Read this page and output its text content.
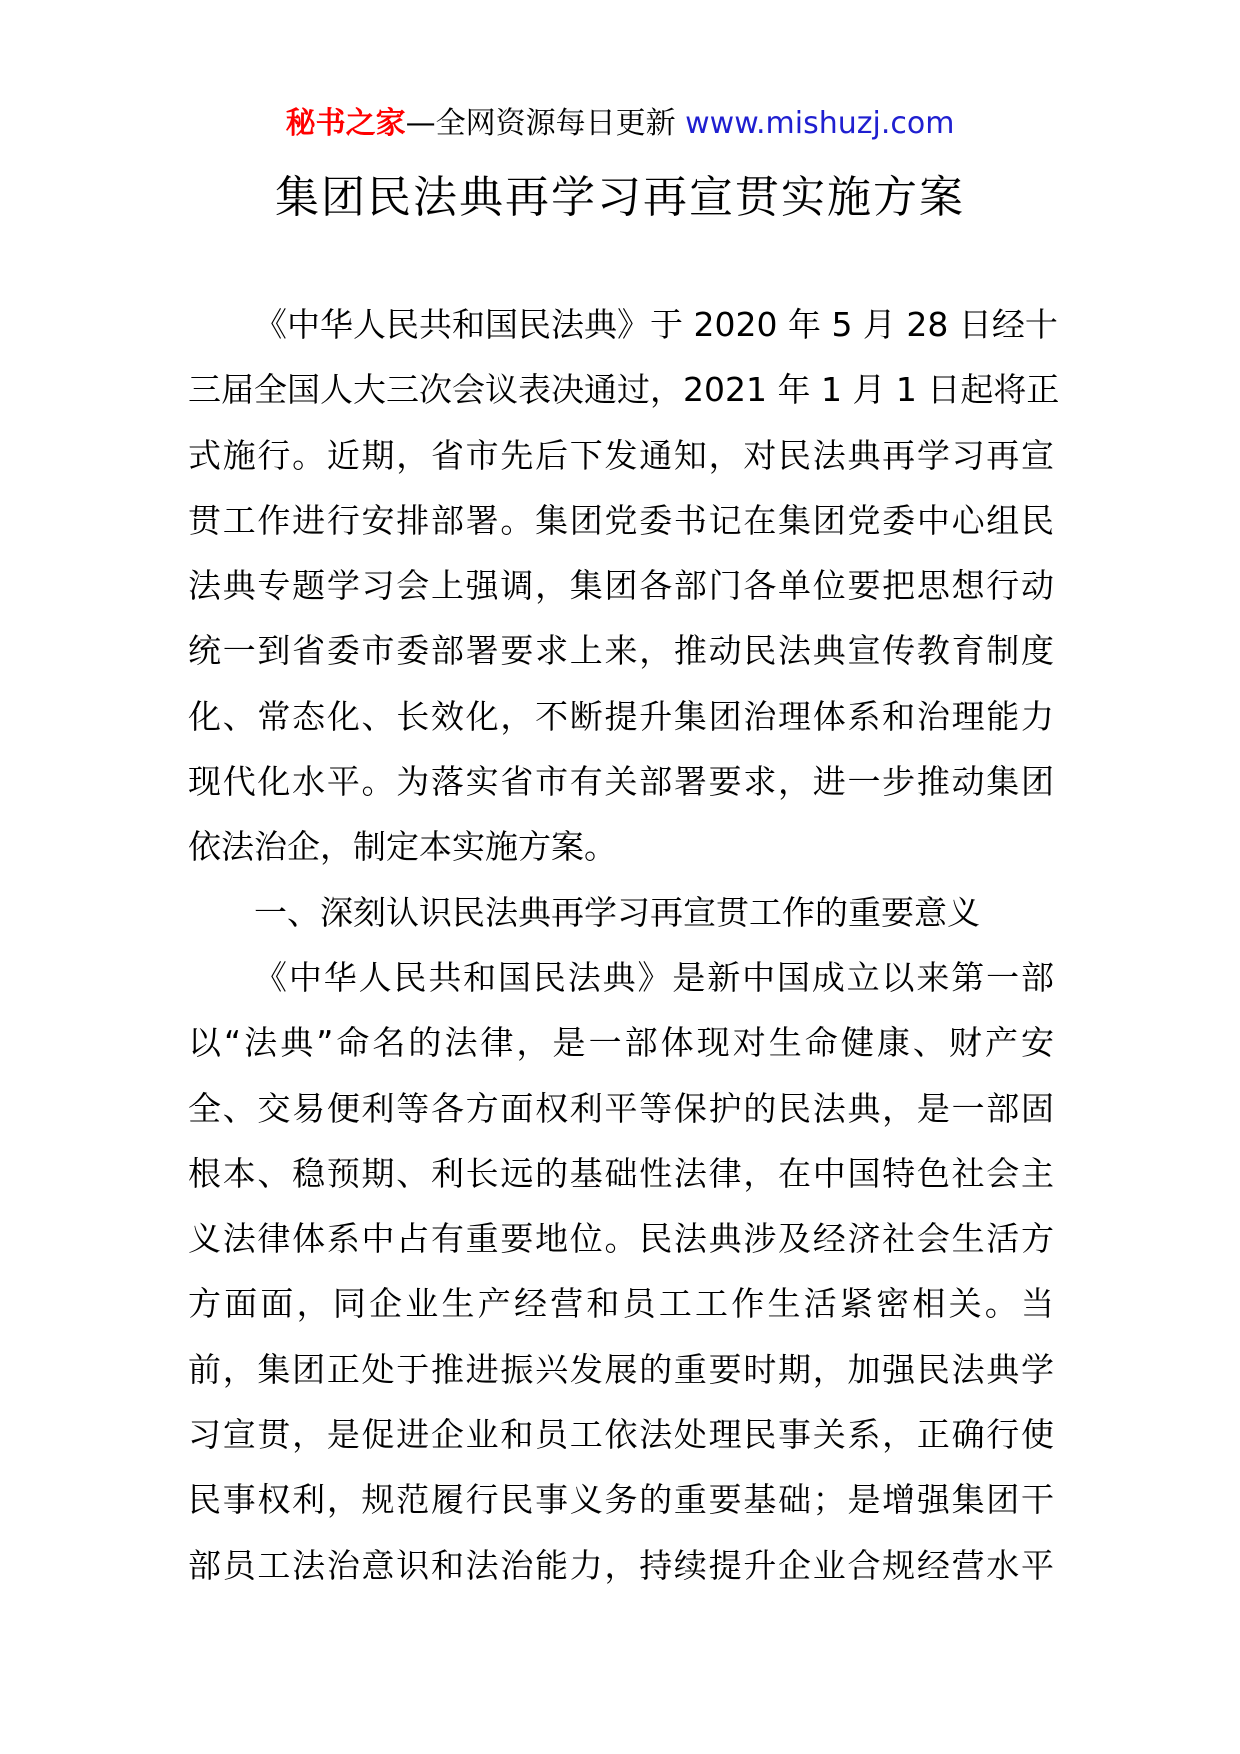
秘书之家—全网资源每日更新 www.mishuzj.com
集团民法典再学习再宣贯实施方案
《中华人民共和国民法典》于 2020 年 5 月 28 日经十
三届全国人大三次会议表决通过，2021 年 1 月 1 日起将正
式施行。近期，省市先后下发通知，对民法典再学习再宣
贯工作进行安排部署。集团党委书记在集团党委中心组民
法典专题学习会上强调，集团各部门各单位要把思想行动
统一到省委市委部署要求上来，推动民法典宣传教育制度
化、常态化、长效化，不断提升集团治理体系和治理能力
现代化水平。为落实省市有关部署要求，进一步推动集团
依法治企，制定本实施方案。
一、深刻认识民法典再学习再宣贯工作的重要意义
《中华人民共和国民法典》是新中国成立以来第一部
以“法典”命名的法律，是一部体现对生命健康、财产安
全、交易便利等各方面权利平等保护的民法典，是一部固
根本、稳预期、利长远的基础性法律，在中国特色社会主
义法律体系中占有重要地位。民法典涉及经济社会生活方
方面面，同企业生产经营和员工工作生活紧密相关。当
前，集团正处于推进振兴发展的重要时期，加强民法典学
习宣贯，是促进企业和员工依法处理民事关系，正确行使
民事权利，规范履行民事义务的重要基础；是增强集团干
部员工法治意识和法治能力，持续提升企业合规经营水平
